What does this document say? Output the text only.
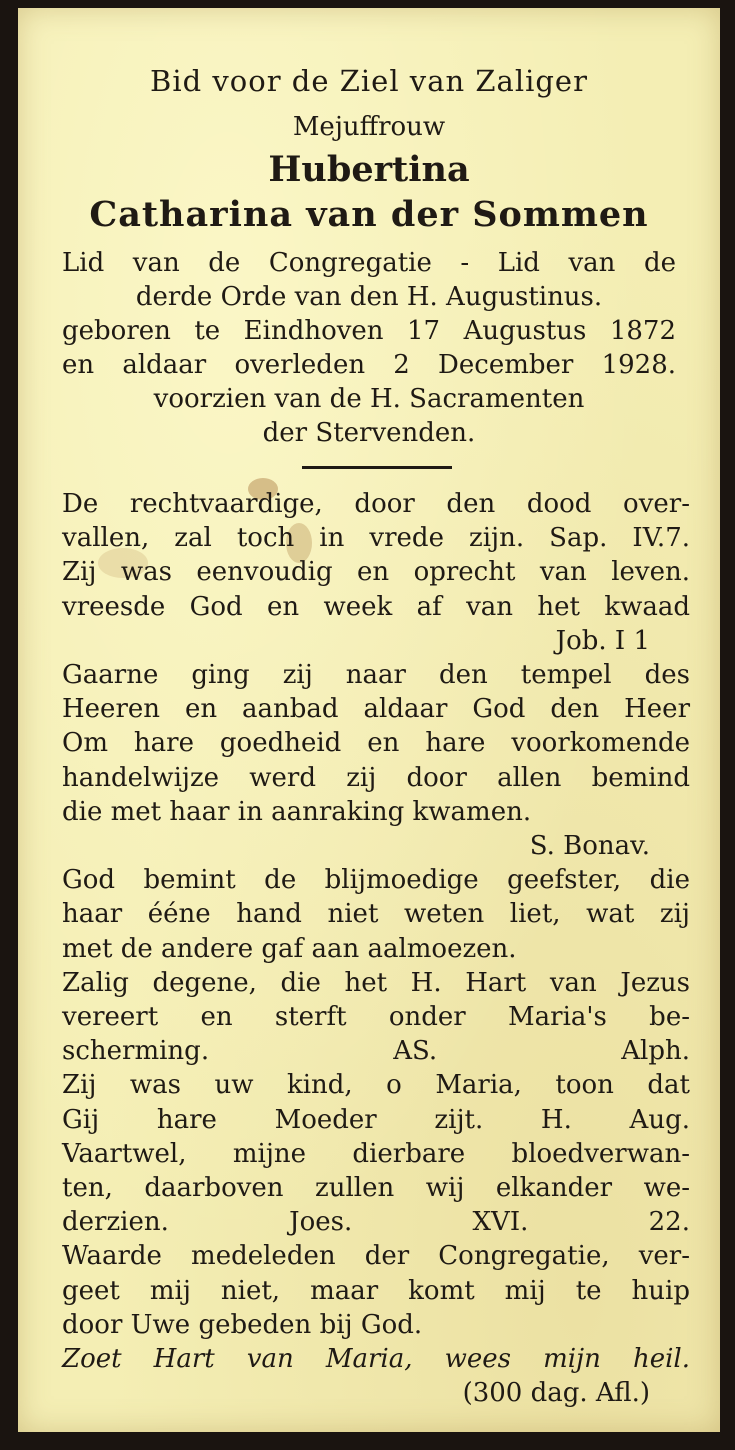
Bid voor de Ziel van Zaliger
Mejuffrouw
Hubertina
Catharina van der Sommen
Lid van de Congregatie - Lid van de
derde Orde van den H. Augustinus.
geboren te Eindhoven 17 Augustus 1872
en aldaar overleden 2 December 1928.
voorzien van de H. Sacramenten
der Stervenden.
De rechtvaardige, door den dood over-
vallen, zal toch in vrede zijn. Sap. IV.7.
Zij was eenvoudig en oprecht van leven.
vreesde God en week af van het kwaad
Job. I 1
Gaarne ging zij naar den tempel des
Heeren en aanbad aldaar God den Heer
Om hare goedheid en hare voorkomende
handelwijze werd zij door allen bemind
die met haar in aanraking kwamen.
S. Bonav.
God bemint de blijmoedige geefster, die
haar ééne hand niet weten liet, wat zij
met de andere gaf aan aalmoezen.
Zalig degene, die het H. Hart van Jezus
vereert en sterft onder Maria's be-
scherming.	AS. Alph.
Zij was uw kind, o Maria, toon dat
Gij hare Moeder zijt. H. Aug.
Vaartwel, mijne dierbare bloedverwan-
ten, daarboven zullen wij elkander we-
derzien.	Joes. XVI. 22.
Waarde medeleden der Congregatie, ver-
geet mij niet, maar komt mij te huip
door Uwe gebeden bij God.
Zoet Hart van Maria, wees mijn heil.
(300 dag. Afl.)
